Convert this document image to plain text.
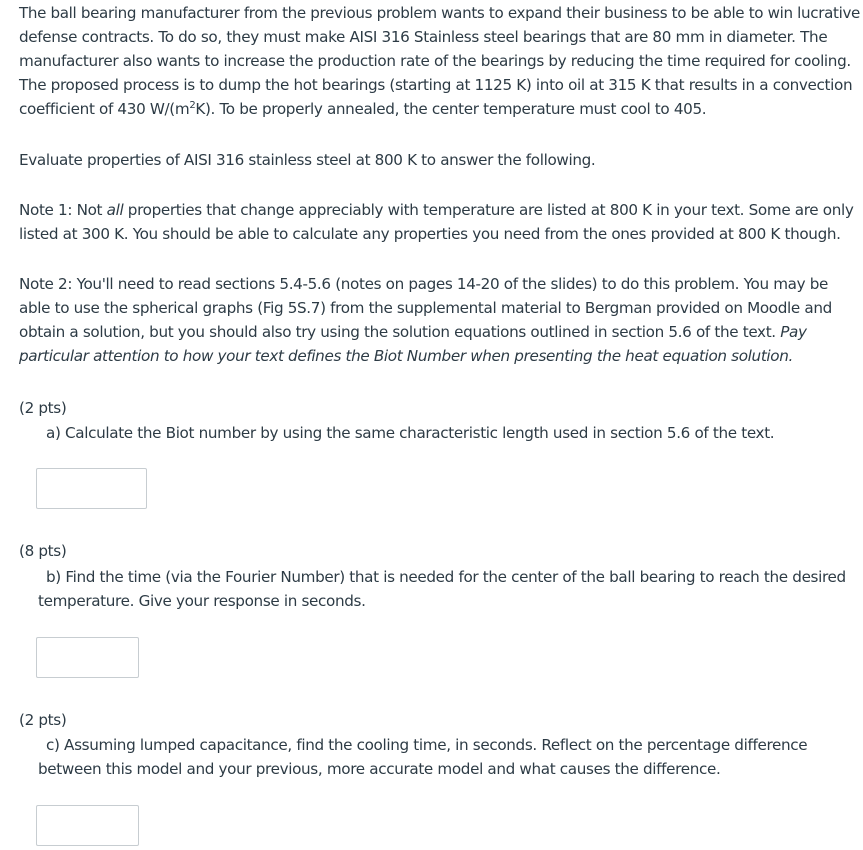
The ball bearing manufacturer from the previous problem wants to expand their business to be able to win lucrative
defense contracts. To do so, they must make AISI 316 Stainless steel bearings that are 80 mm in diameter. The
manufacturer also wants to increase the production rate of the bearings by reducing the time required for cooling.
The proposed process is to dump the hot bearings (starting at 1125 K) into oil at 315 K that results in a convection
coefficient of 430 $W/(m^2K)$. To be properly annealed, the center temperature must cool to 405.
Evaluate properties of AISI 316 stainless steel at 800 K to answer the following.
Note 1: Not all properties that change appreciably with temperature are listed at 800 K in your text. Some are only
listed at 300 K. You should be able to calculate any properties you need from the ones provided at 800 K though.
Note 2: You'll need to read sections 5.4-5.6 (notes on pages 14-20 of the slides) to do this problem. You may be
able to use the spherical graphs (Fig 5S.7) from the supplemental material to Bergman provided on Moodle and
obtain a solution, but you should also try using the solution equations outlined in section 5.6 of the text. Pay
particular attention to how your text defines the Biot Number when presenting the heat equation solution.
(2 pts)
a) Calculate the Biot number by using the same characteristic length used in section 5.6 of the text.
(8 pts)
b) Find the time (via the Fourier Number) that is needed for the center of the ball bearing to reach the desired
temperature. Give your response in seconds.
(2 pts)
c) Assuming lumped capacitance, find the cooling time, in seconds. Reflect on the percentage difference
between this model and your previous, more accurate model and what causes the difference.
